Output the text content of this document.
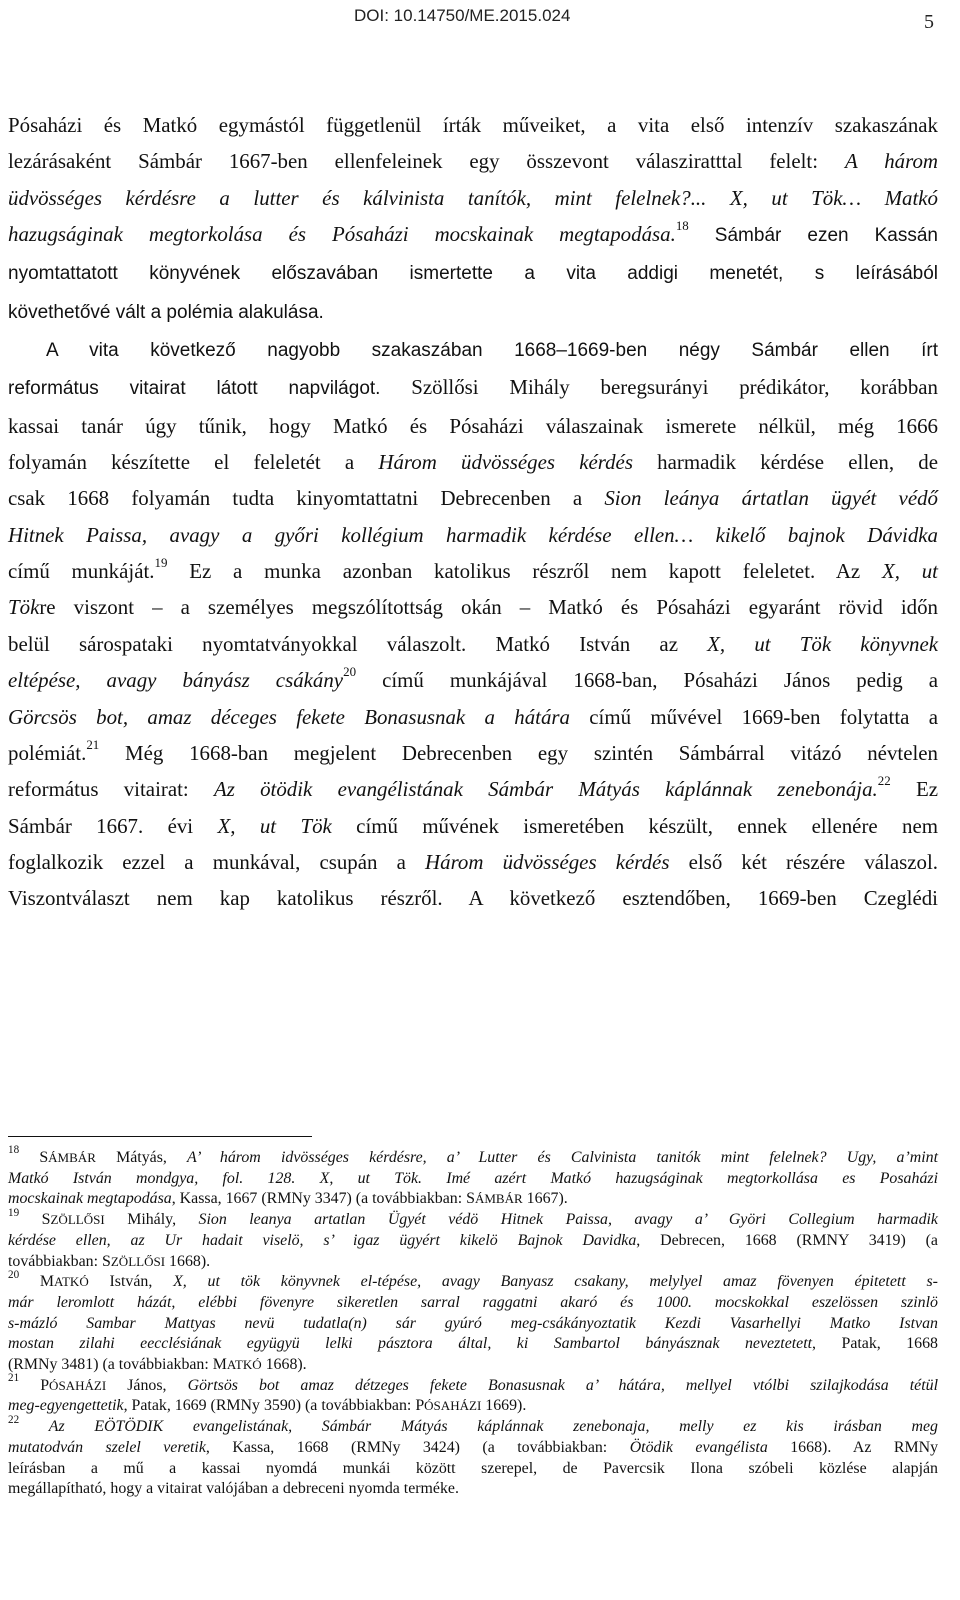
DOI: 10.14750/ME.2015.024	5

Pósaházi és Matkó egymástól függetlenül írták műveiket, a vita első intenzív szakaszának

lezárásaként Sámbár 1667-ben ellenfeleinek egy összevont válasziratttal felelt: A három

üdvösséges kérdésre a lutter és kálvinista tanítók, mint felelnek?... X, ut Tök… Matkó

hazugságinak megtorkolása és Pósaházi mocskainak megtapodása.$^{18}$ Sámbár ezen Kassán

nyomtattatott könyvének előszavában ismertette a vita addigi menetét, s leírásából

követhetővé vált a polémia alakulása.

A vita következő nagyobb szakaszában 1668–1669-ben négy Sámbár ellen írt

református vitairat látott napvilágot. Szöllősi Mihály beregsurányi prédikátor, korábban

kassai tanár úgy tűnik, hogy Matkó és Pósaházi válaszainak ismerete nélkül, még 1666

folyamán készítette el feleletét a Három üdvösséges kérdés harmadik kérdése ellen, de

csak 1668 folyamán tudta kinyomtattatni Debrecenben a Sion leánya ártatlan ügyét védő

Hitnek Paissa, avagy a győri kollégium harmadik kérdése ellen… kikelő bajnok Dávidka

című munkáját.$^{19}$ Ez a munka azonban katolikus részről nem kapott feleletet. Az X, ut

Tökre viszont – a személyes megszólítottság okán – Matkó és Pósaházi egyaránt rövid időn

belül sárospataki nyomtatványokkal válaszolt. Matkó István az X, ut Tök könyvnek

eltépése, avagy bányász csákány$^{20}$ című munkájával 1668-ban, Pósaházi János pedig a

Görcsös bot, amaz déceges fekete Bonasusnak a hátára című művével 1669-ben folytatta a

polémiát.$^{21}$ Még 1668-ban megjelent Debrecenben egy szintén Sámbárral vitázó névtelen

református vitairat: Az ötödik evangélistának Sámbár Mátyás káplánnak zenebonája.$^{22}$ Ez

Sámbár 1667. évi X, ut Tök című művének ismeretében készült, ennek ellenére nem

foglalkozik ezzel a munkával, csupán a Három üdvösséges kérdés első két részére válaszol.

Viszontválaszt nem kap katolikus részről. A következő esztendőben, 1669-ben Czeglédi

$^{18}$ SÁMBÁR Mátyás, A’ három idvösséges kérdésre, a’ Lutter és Calvinista tanitók mint felelnek? Ugy, a’mint

Matkó István mondgya, fol. 128. X, ut Tök. Imé azért Matkó hazugságinak megtorkollása es Posaházi

mocskainak megtapodása, Kassa, 1667 (RMNy 3347) (a továbbiakban: SÁMBÁR 1667).

$^{19}$ SZÖLLŐSI Mihály, Sion leanya artatlan Ügyét védö Hitnek Paissa, avagy a’ Györi Collegium harmadik

kérdése ellen, az Ur hadait viselö, s’ igaz ügyért kikelö Bajnok Davidka, Debrecen, 1668 (RMNY 3419) (a

továbbiakban: SZÖLLŐSI 1668).

$^{20}$ MATKÓ István, X, ut tök könyvnek el-tépése, avagy Banyasz csakany, melylyel amaz fövenyen épitetett s-

már leromlott házát, elébbi fövenyre sikeretlen sarral raggatni akaró és 1000. mocskokkal eszelössen szinlö

s-mázló Sambar Mattyas nevü tudatla(n) sár gyúró meg-csákányoztatik Kezdi Vasarhellyi Matko Istvan

mostan zilahi eecclésiának együgyü lelki pásztora által, ki Sambartol bányásznak neveztetett, Patak, 1668

(RMNy 3481) (a továbbiakban: MATKÓ 1668).

$^{21}$ PÓSAHÁZI János, Görtsös bot amaz détzeges fekete Bonasusnak a’ hátára, mellyel vtólbi szilajkodása tétül

meg-egyengettetik, Patak, 1669 (RMNy 3590) (a továbbiakban: PÓSAHÁZI 1669).

$^{22}$ Az EÖTÖDIK evangelistának, Sámbár Mátyás káplánnak zenebonaja, melly ez kis irásban meg

mutatodván szelel veretik, Kassa, 1668 (RMNy 3424) (a továbbiakban: Ötödik evangélista 1668). Az RMNy

leírásban a mű a kassai nyomdá munkái között szerepel, de Pavercsik Ilona szóbeli közlése alapján

megállapítható, hogy a vitairat valójában a debreceni nyomda terméke.
